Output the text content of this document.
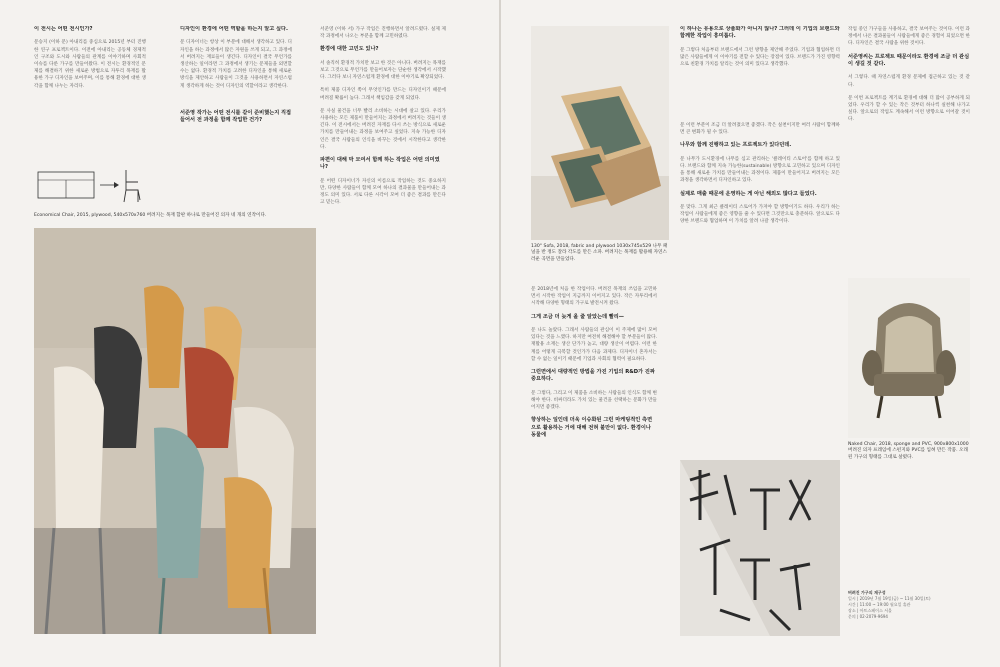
이 전시는 어떤 전시인가?

문승지 (이하 문) 아내리를 중심으로 2015년 부터 진행한 연구 프로젝트이다. 이전에 아내리는 공동체 경제적인 구조와 도시와 사람들의 관계를 이야기하며 사회적 이슈를 다룬 가구를 만들어왔다. 이 전시는 환경적인 문제를 해결하기 위한 새로운 방법으로 자투리 목재를 활용한 가구 디자인을 보여주며, 이를 통해 환경에 대한 생각을 함께 나누는 자리다.

Economical Chair, 2015, plywood, 540x570x760 버려지는 목재 합판 하나로 만들어진 의자 네 개의 연작이다.
디자인이 환경에 어떤 역할을 하는지 알고 싶다.

문 디자이너는 항상 이 부분에 대해서 생각하고 있다. 디자인을 하는 과정에서 많은 자원을 쓰게 되고, 그 과정에서 버려지는 재료들이 생긴다. 디자인이 결국 무언가를 생산하는 일이라면 그 과정에서 생기는 문제들을 외면할 수는 없다. 환경적 가치를 고려한 디자인을 통해 새로운 방식을 제안하고 사람들이 그것을 사용하면서 자연스럽게 생각하게 하는 것이 디자인의 역할이라고 생각한다.

서준영 작가는 어떤 전시를 같이 준비했는지 직접 들어서 전 과정을 함께 작업한 건가?

서준영 (이하 서) 가구 작업은 진행하면서 알려드렸다. 실제 제작 과정에서 나오는 부분을 함께 고민하였다.

환경에 대한 고민도 있나?

서 솔직히 환경적 가치만 보고 한 것은 아니다. 버려지는 목재를 보고 그것으로 무언가를 만들어보자는 단순한 생각에서 시작했다. 그러다 보니 자연스럽게 환경에 대한 이야기로 확장되었다.

특히 제품 디자인 쪽이 무엇인가를 만드는 디자인이기 때문에 버려질 확률이 높다. 그래서 책임감을 갖게 되었다.

문 사실 물건을 너무 빨리 소비하는 시대에 살고 있다. 우리가 사용하는 모든 제품이 만들어지는 과정에서 버려지는 것들이 생긴다. 이 전시에서는 버려진 자재를 다시 쓰는 방식으로 새로운 가치를 만들어내는 과정을 보여주고 싶었다. 지속 가능한 디자인은 결국 사람들의 인식을 바꾸는 것에서 시작한다고 생각한다.

파편이 대해 막 모여서 함께 하는 작업은 어떤 의미였나?

문 어떤 디자이너가 자신의 이름으로 작업하는 것도 중요하지만, 다양한 사람들이 함께 모여 하나의 결과물을 만들어내는 과정도 의미 있다. 서로 다른 시각이 모여 더 좋은 결과를 만든다고 믿는다.

130° Sofa, 2018, fabric and plywood 1030x745x529 나무 패널을 반 정도 잘라 각도를 만든 소파. 버려지는 목재를 활용해 자연스러운 곡면을 만들었다.
이 하나는 유용으로 상품화가 아니지 않나? 그러데 이 기업의 브랜드와 함께한 작업이 흥미롭다.

문 그렇다 처음부터 브랜드에서 그런 방향을 제안해 주었다. 기업과 협업하면 더 많은 사람들에게 이 이야기를 전할 수 있다는 장점이 있다. 브랜드가 가진 영향력으로 친환경 가치를 알리는 것이 의미 있다고 생각했다.

문 2018년에 처음 한 작업이다. 버려진 목재의 쓰임을 고민하면서 시작한 작업이 지금까지 이어지고 있다. 작은 자투리에서 시작해 다양한 형태의 가구로 발전시켜 왔다.

그게 조금 더 늦게 올 줄 알았는데 빨리—

문 나도 놀랐다. 그래서 사람들의 관심이 이 주제에 많이 모여 있다는 것을 느꼈다. 하지만 여전히 해결해야 할 부분들이 많다. 재활용 소재는 생산 단가가 높고, 대량 생산이 어렵다. 이런 한계를 어떻게 극복할 것인가가 다음 과제다. 디자이너 혼자서는 할 수 없는 일이기 때문에 기업과 사회의 협력이 필요하다.

그런면에서 대량적인 방법을 가진 기업의 R&D가 진짜 중요하다.

문 그렇다, 그리고 이 제품을 소비하는 사람들의 인식도 함께 변해야 한다. 비싸더라도 가치 있는 물건을 선택하는 문화가 만들어지면 좋겠다.

향상하는 일인데 더욱 이슈화된 그런 마케팅적인 측면으로 활용하는 거에 대해 전혀 불만이 없다. 환경이나 동물에

문 이런 부분이 조금 더 알려졌으면 좋겠다. 작은 실천이지만 여러 사람이 함께하면 큰 변화가 될 수 있다.

나무와 함께 진행하고 있는 프로젝트가 있다던데.

문 나무가 도시환경에 나무를 심고 관리하는 '클레이티 스토어'를 함께 하고 있다. 브랜드와 함께 지속 가능한(sustainable) 방향으로 고민하고 있으며 디자인을 통해 새로운 가치를 만들어내는 과정이다. 제품이 만들어지고 버려지는 모든 과정을 생각하면서 디자인하고 있다.

실제로 매출 때문에 운영하는 게 아닌 해외도 많다고 들었다.

문 맞다. 그게 최근 클레이티 스토어가 가져야 할 방향이기도 하다. 우리가 하는 작업이 사람들에게 좋은 영향을 줄 수 있다면 그것만으로 충분하다. 앞으로도 다양한 브랜드와 협업하며 이 가치를 알려 나갈 생각이다.

작업 중인 가구들을 사용하고, 결국 보여주는 것이다. 이런 과정에서 나온 결과물들이 사람들에게 좋은 경험이 되었으면 한다. 디자인은 결국 사람을 위한 것이다.

서준영씨는 프로젝트 때문이라도 환경에 조금 더 관심이 생길 것 같다.

서 그렇다. 때 자연스럽게 환경 문제에 접근하고 있는 것 같다.

문 이번 프로젝트를 계기로 환경에 대해 더 많이 공부하게 되었다. 우리가 할 수 있는 작은 것부터 하나씩 실천해 나가고 싶다. 앞으로의 작업도 계속해서 이런 방향으로 이어갈 것이다.

Naked Chair, 2018, sponge and PVC, 900x800x1000 버려진 의자 프레임에 스펀지와 PVC를 입혀 만든 작품. 오래된 가구의 형태를 그대로 살렸다.
버려진 가구의 재구성
일시 | 2019년 7월 19일(금) ~ 11월 30일(토)
시간 | 11:00 ~ 19:00 월요일 휴관
장소 | 아트스페이스 서울
문의 | 02-2079-9694
